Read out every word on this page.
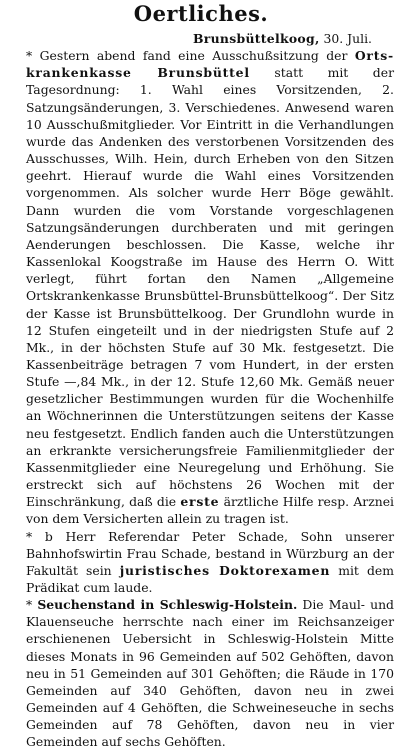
Oertliches.

Brunsbüttelkoog, 30. Juli.

* Gestern abend fand eine Ausschußsitzung der Orts-krankenkasse Brunsbüttel statt mit der Tagesordnung: 1. Wahl eines Vorsitzenden, 2. Satzungsänderungen, 3. Verschiedenes. Anwesend waren 10 Ausschußmitglieder. Vor Eintritt in die Verhandlungen wurde das Andenken des verstorbenen Vorsitzenden des Ausschusses, Wilh. Hein, durch Erheben von den Sitzen geehrt. Hierauf wurde die Wahl eines Vorsitzenden vorgenommen. Als solcher wurde Herr Böge gewählt. Dann wurden die vom Vorstande vorgeschlagenen Satzungsänderungen durchberaten und mit geringen Aenderungen beschlossen. Die Kasse, welche ihr Kassenlokal Koogstraße im Hause des Herrn O. Witt verlegt, führt fortan den Namen „Allgemeine Ortskrankenkasse Brunsbüttel-Brunsbüttelkoog“. Der Sitz der Kasse ist Brunsbüttelkoog. Der Grundlohn wurde in 12 Stufen eingeteilt und in der niedrigsten Stufe auf 2 Mk., in der höchsten Stufe auf 30 Mk. festgesetzt. Die Kassenbeiträge betragen 7 vom Hundert, in der ersten Stufe —,84 Mk., in der 12. Stufe 12,60 Mk. Gemäß neuer gesetzlicher Bestimmungen wurden für die Wochenhilfe an Wöchnerinnen die Unterstützungen seitens der Kasse neu festgesetzt. Endlich fanden auch die Unterstützungen an erkrankte versicherungsfreie Familienmitglieder der Kassenmitglieder eine Neuregelung und Erhöhung. Sie erstreckt sich auf höchstens 26 Wochen mit der Einschränkung, daß die erste ärztliche Hilfe resp. Arznei von dem Versicherten allein zu tragen ist.

* b Herr Referendar Peter Schade, Sohn unserer Bahnhofswirtin Frau Schade, bestand in Würzburg an der Fakultät sein juristisches Doktorexamen mit dem Prädikat cum laude.

* Seuchenstand in Schleswig-Holstein. Die Maul- und Klauenseuche herrschte nach einer im Reichsanzeiger erschienenen Uebersicht in Schleswig-Holstein Mitte dieses Monats in 96 Gemeinden auf 502 Gehöften, davon neu in 51 Gemeinden auf 301 Gehöften; die Räude in 170 Gemeinden auf 340 Gehöften, davon neu in zwei Gemeinden auf 4 Gehöften, die Schweineseuche in sechs Gemeinden auf 78 Gehöften, davon neu in vier Gemeinden auf sechs Gehöften.
